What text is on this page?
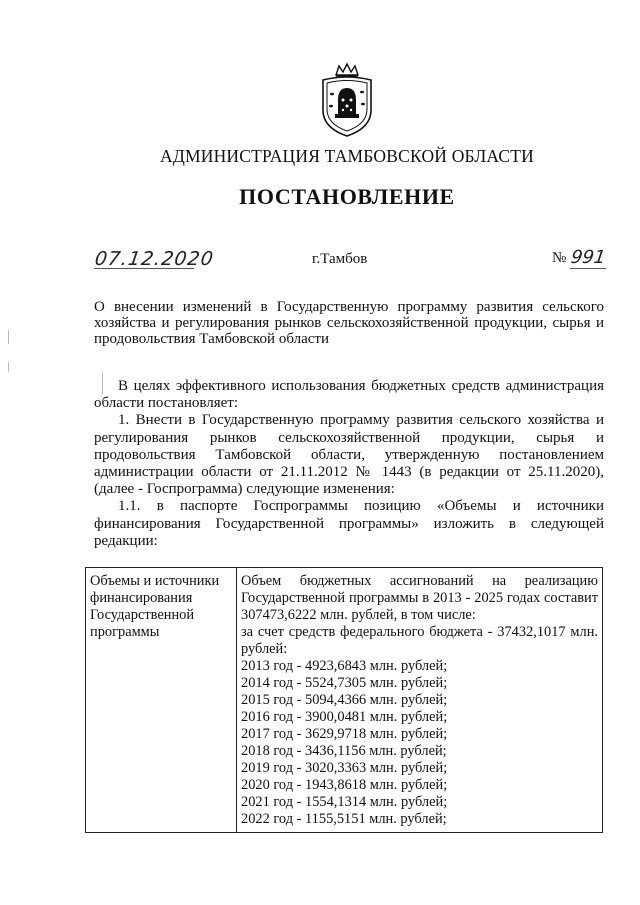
АДМИНИСТРАЦИЯ ТАМБОВСКОЙ ОБЛАСТИ
ПОСТАНОВЛЕНИЕ
07.12.2020	г.Тамбов	№ 991
О внесении изменений в Государственную программу развития сельского хозяйства и регулирования рынков сельскохозяйственной продукции, сырья и продовольствия Тамбовской области

В целях эффективного использования бюджетных средств администрация области постановляет:

1. Внести в Государственную программу развития сельского хозяйства и регулирования рынков сельскохозяйственной продукции, сырья и продовольствия Тамбовской области, утвержденную постановлением администрации области от 21.11.2012 № 1443 (в редакции от 25.11.2020), (далее - Госпрограмма) следующие изменения:

1.1. в паспорте Госпрограммы позицию «Объемы и источники финансирования Государственной программы» изложить в следующей редакции:

Объемы и источники финансирования Государственной программы	Объем бюджетных ассигнований на реализацию Государственной программы в 2013 - 2025 годах составит 307473,6222 млн. рублей, в том числе:
за счет средств федерального бюджета - 37432,1017 млн. рублей:
2013 год - 4923,6843 млн. рублей;
2014 год - 5524,7305 млн. рублей;
2015 год - 5094,4366 млн. рублей;
2016 год - 3900,0481 млн. рублей;
2017 год - 3629,9718 млн. рублей;
2018 год - 3436,1156 млн. рублей;
2019 год - 3020,3363 млн. рублей;
2020 год - 1943,8618 млн. рублей;
2021 год - 1554,1314 млн. рублей;
2022 год - 1155,5151 млн. рублей;
